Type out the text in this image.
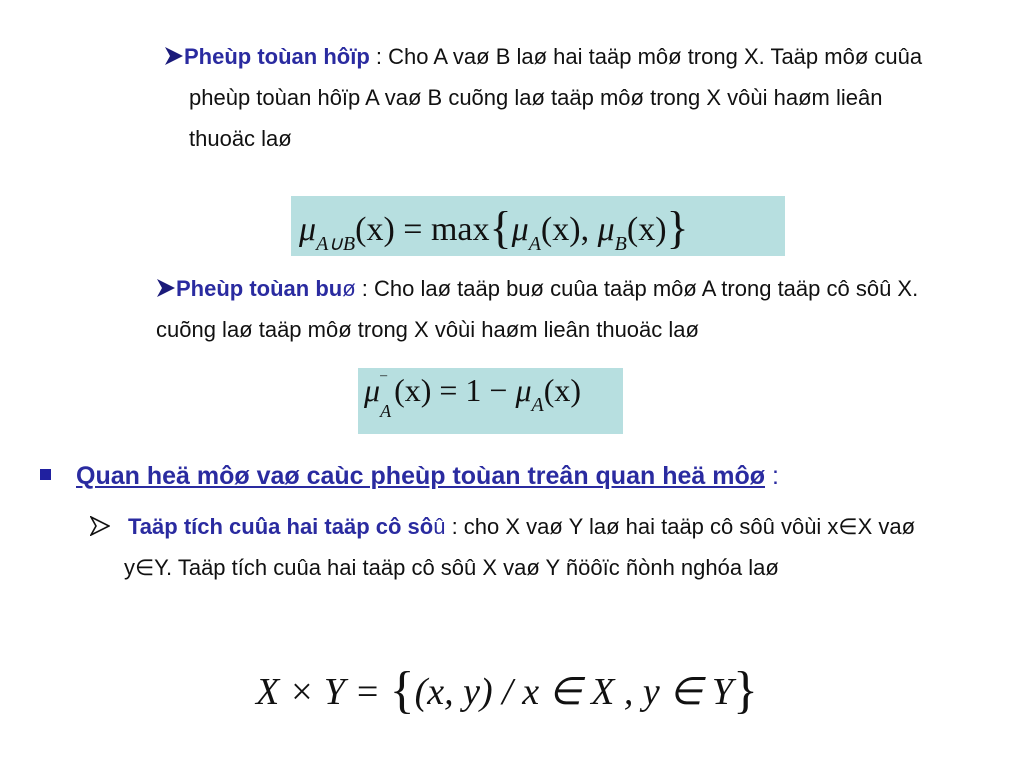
Pheùp toùan hôïp : Cho A vaø B laø hai taäp môø trong X. Taäp môø cuûa
pheùp toùan hôïp A vaø B cuõng laø taäp môø trong X vôùi haøm lieân
thuoäc laø
$\mu_{A\cup B}(x) = \max\{\mu_A(x)$, $\mu_B(x)$}
Pheùp toùan buø : Cho laø taäp buø cuûa taäp môø A trong taäp cô sôû X.
cuõng laø taäp môø trong X vôùi haøm lieân thuoäc laø
μ –
$_A(x) = 1 - \mu_A(x)$
Quan heä môø vaø caùc pheùp toùan treân quan heä môø :
Taäp tích cuûa hai taäp cô sôû : cho X vaø Y laø hai taäp cô sôû vôùi x∈X vaø
y∈Y. Taäp tích cuûa hai taäp cô sôû X vaø Y ñöôïc ñònh nghóa laø
X × Y = {(x, y) / x ∈ X , y ∈ Y}
